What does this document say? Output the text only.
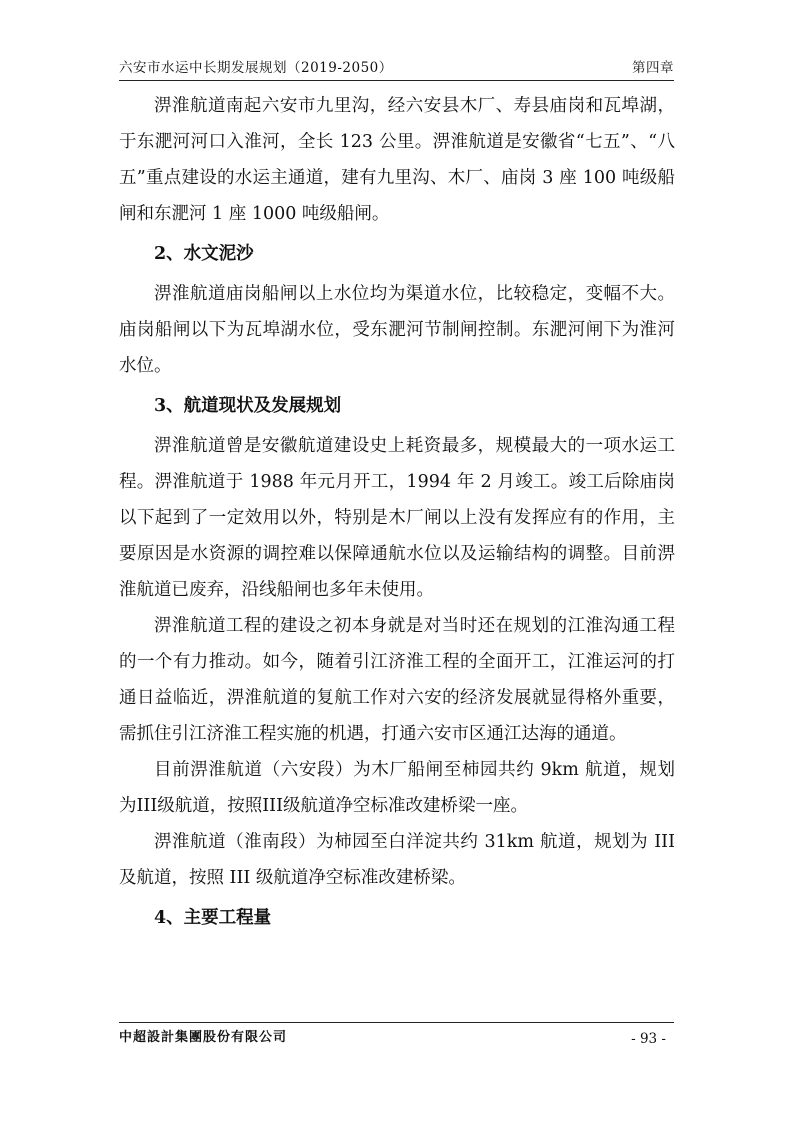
六安市水运中长期发展规划（2019-2050）	第四章

淠淮航道南起六安市九里沟，经六安县木厂、寿县庙岗和瓦埠湖，于东淝河河口入淮河，全长 123 公里。淠淮航道是安徽省“七五”、“八五”重点建设的水运主通道，建有九里沟、木厂、庙岗 3 座 100 吨级船闸和东淝河 1 座 1000 吨级船闸。

2、水文泥沙

淠淮航道庙岗船闸以上水位均为渠道水位，比较稳定，变幅不大。庙岗船闸以下为瓦埠湖水位，受东淝河节制闸控制。东淝河闸下为淮河水位。

3、航道现状及发展规划

淠淮航道曾是安徽航道建设史上耗资最多，规模最大的一项水运工程。淠淮航道于 1988 年元月开工，1994 年 2 月竣工。竣工后除庙岗以下起到了一定效用以外，特别是木厂闸以上没有发挥应有的作用，主要原因是水资源的调控难以保障通航水位以及运输结构的调整。目前淠淮航道已废弃，沿线船闸也多年未使用。

淠淮航道工程的建设之初本身就是对当时还在规划的江淮沟通工程的一个有力推动。如今，随着引江济淮工程的全面开工，江淮运河的打通日益临近，淠淮航道的复航工作对六安的经济发展就显得格外重要，需抓住引江济淮工程实施的机遇，打通六安市区通江达海的通道。

目前淠淮航道（六安段）为木厂船闸至柿园共约 9km 航道，规划为III级航道，按照III级航道净空标准改建桥梁一座。

淠淮航道（淮南段）为柿园至白洋淀共约 31km 航道，规划为 III 及航道，按照 III 级航道净空标准改建桥梁。

4、主要工程量
中超設計集團股份有限公司	- 93 -
